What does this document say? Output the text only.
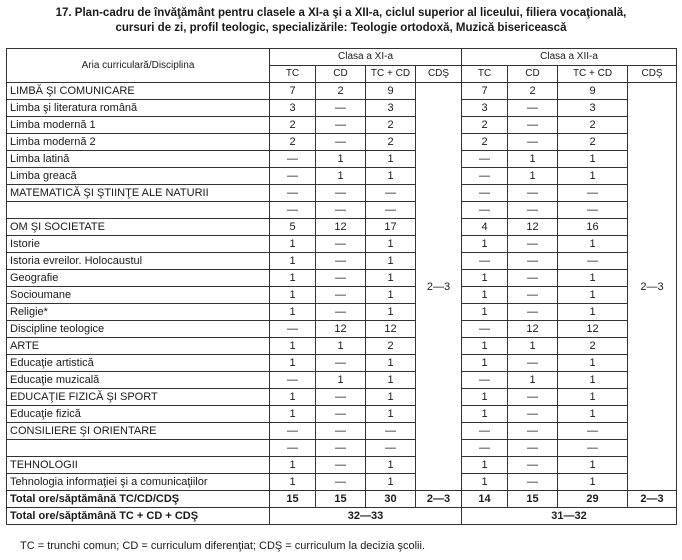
17. Plan-cadru de învăţământ pentru clasele a XI-a şi a XII-a, ciclul superior al liceului, filiera vocaţională,
cursuri de zi, profil teologic, specializările: Teologie ortodoxă, Muzică bisericească
Aria curriculară/Disciplina	Clasa a XI-a				Clasa a XII-a			
	TC	CD	TC + CD	CDŞ	TC	CD	TC + CD	CDŞ
LIMBĂ ŞI COMUNICARE	7	2	9	2—3	7	2	9	2—3
Limba şi literatura română	3	—	3		3	—	3	
Limba modernă 1	2	—	2		2	—	2	
Limba modernă 2	2	—	2		2	—	2	
Limba latină	—	1	1		—	1	1	
Limba greacă	—	1	1		—	1	1	
MATEMATICĂ ŞI ŞTIINŢE ALE NATURII	—	—	—		—	—	—	
	—	—	—		—	—	—	
OM ŞI SOCIETATE	5	12	17		4	12	16	
Istorie	1	—	1		1	—	1	
Istoria evreilor. Holocaustul	1	—	1		—	—	—	
Geografie	1	—	1		1	—	1	
Socioumane	1	—	1		1	—	1	
Religie*	1	—	1		1	—	1	
Discipline teologice	—	12	12		—	12	12	
ARTE	1	1	2		1	1	2	
Educaţie artistică	1	—	1		1	—	1	
Educaţie muzicală	—	1	1		—	1	1	
EDUCAŢIE FIZICĂ ŞI SPORT	1	—	1		1	—	1	
Educaţie fizică	1	—	1		1	—	1	
CONSILIERE ŞI ORIENTARE	—	—	—		—	—	—	
	—	—	—		—	—	—	
TEHNOLOGII	1	—	1		1	—	1	
Tehnologia informaţiei şi a comunicaţiilor	1	—	1		1	—	1	
Total ore/săptămână TC/CD/CDŞ	15	15	30	2—3	14	15	29	2—3
Total ore/săptămână TC + CD + CDŞ	32—33				31—32			
TC = trunchi comun; CD = curriculum diferenţiat; CDŞ = curriculum la decizia şcolii.
